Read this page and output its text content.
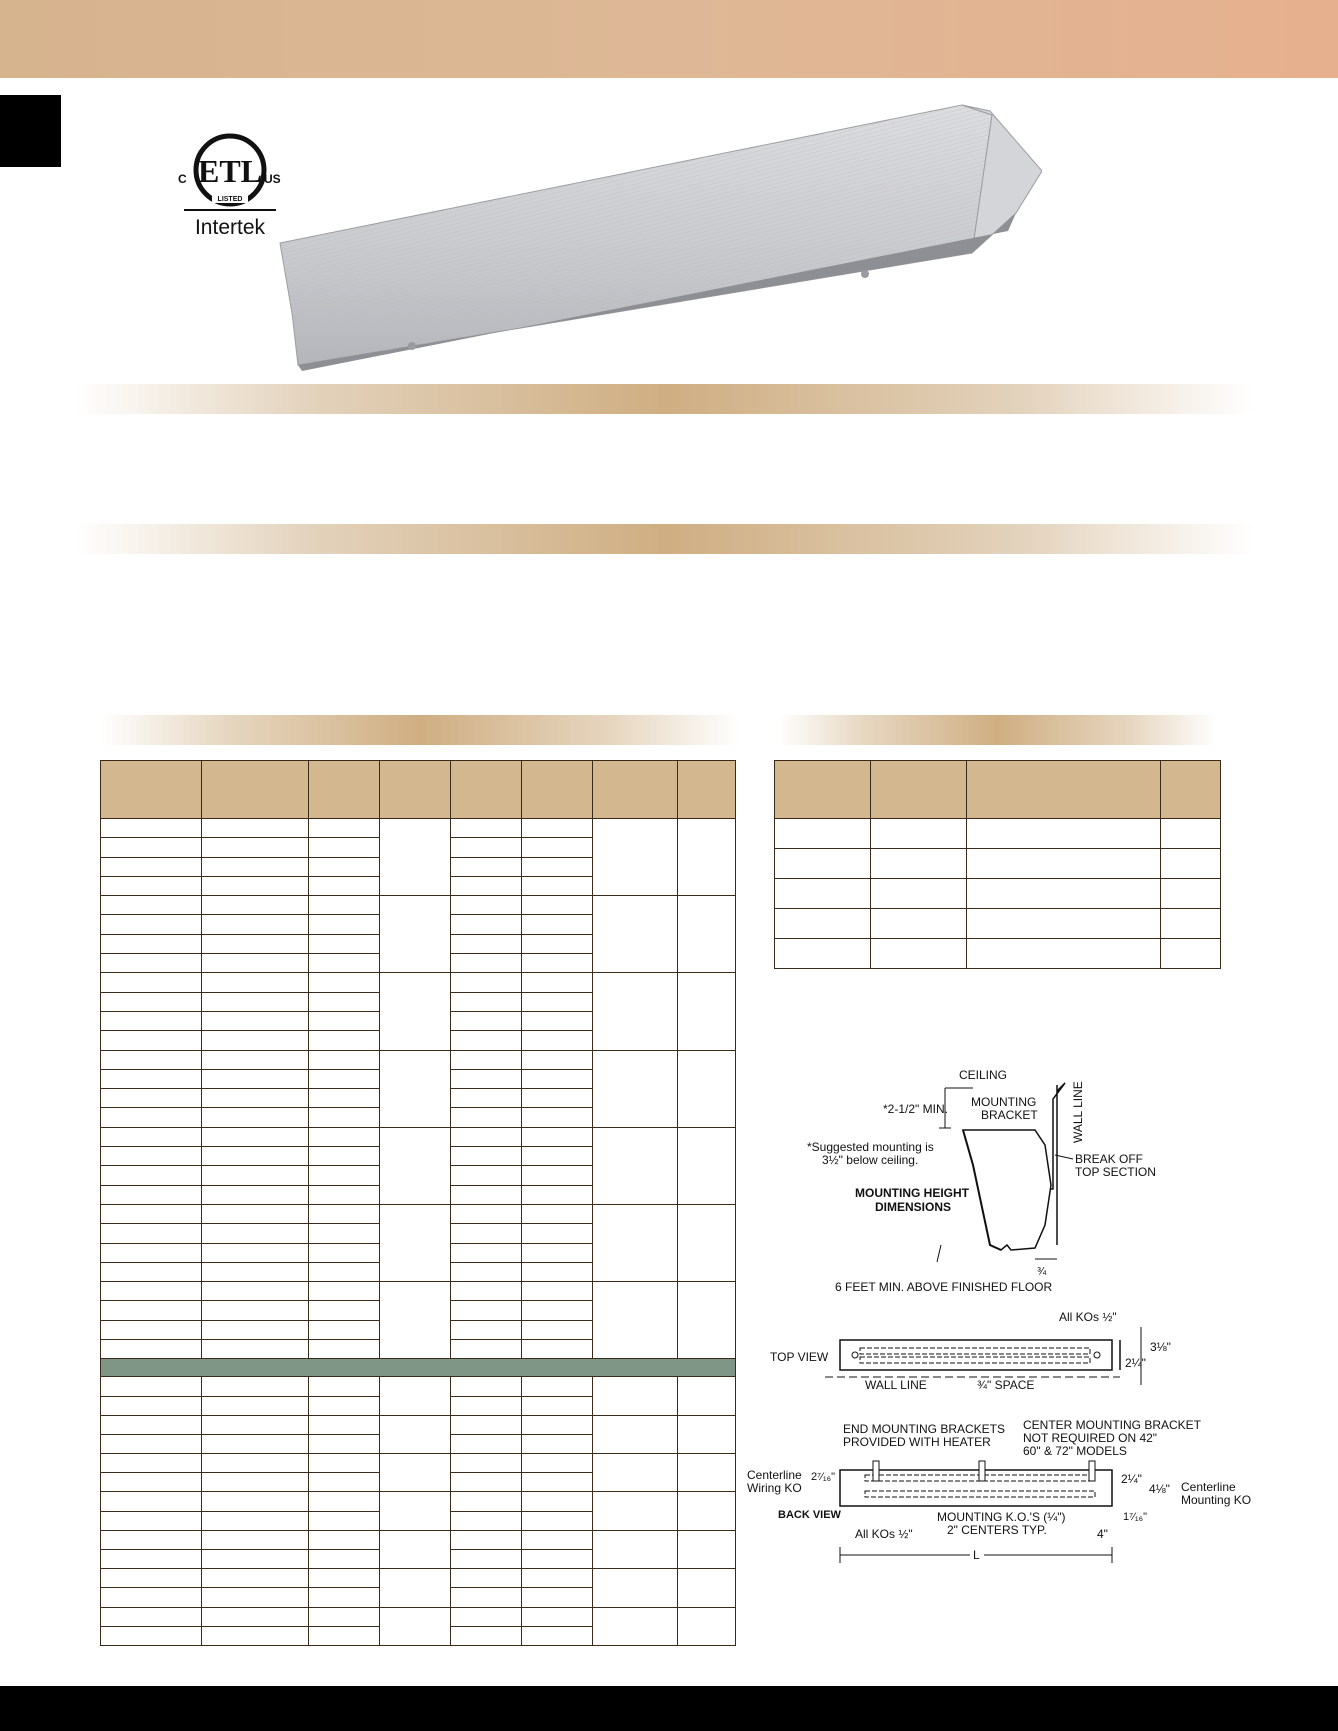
ETL
C	US
LISTED
Intertek

CEILING
*2-1/2" MIN. MOUNTING
BRACKET	WALL LINE
*Suggested mounting is
3½" below ceiling.	BREAK OFF
TOP SECTION
MOUNTING HEIGHT
DIMENSIONS
¾
6 FEET MIN. ABOVE FINISHED FLOOR
All KOs ½"
TOP VIEW
3⅛"
2¼"
WALL LINE	¾" SPACE
END MOUNTING BRACKETS
PROVIDED WITH HEATER
CENTER MOUNTING BRACKET
NOT REQUIRED ON 42"
60" & 72" MODELS
Centerline
Wiring KO
2⁷⁄₁₆"	2¼"
4⅛" Centerline
Mounting KO
BACK VIEW	MOUNTING K.O.'S (¼")
2" CENTERS TYP.
1⁷⁄₁₆"
All KOs ½"	4"
L
